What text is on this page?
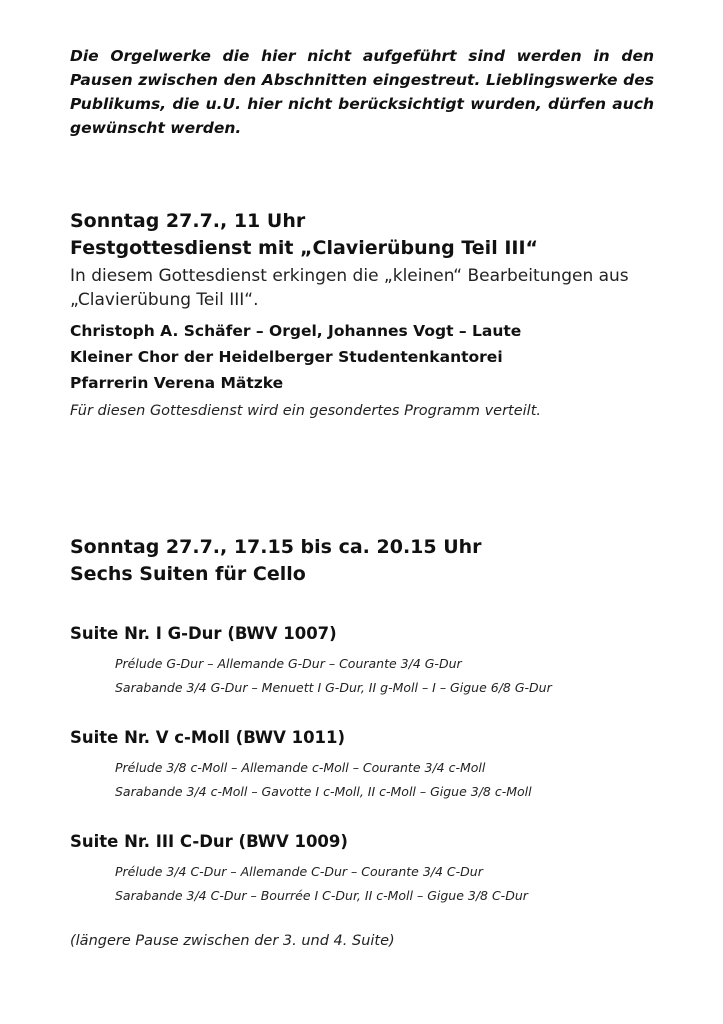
Die Orgelwerke die hier nicht aufgeführt sind werden in den Pausen zwischen den Abschnitten eingestreut. Lieblingswerke des Publikums, die u.U. hier nicht berücksichtigt wurden, dürfen auch gewünscht werden.

Sonntag 27.7., 11 Uhr

Festgottesdienst mit „Clavierübung Teil III“

In diesem Gottesdienst erkingen die „kleinen“ Bearbeitungen aus „Clavierübung Teil III“.

Christoph A. Schäfer – Orgel, Johannes Vogt – Laute

Kleiner Chor der Heidelberger Studentenkantorei

Pfarrerin Verena Mätzke

Für diesen Gottesdienst wird ein gesondertes Programm verteilt.

Sonntag 27.7., 17.15 bis ca. 20.15 Uhr

Sechs Suiten für Cello

Suite Nr. I G-Dur (BWV 1007)

Prélude G-Dur – Allemande G-Dur – Courante 3/4 G-Dur
Sarabande 3/4 G-Dur – Menuett I G-Dur, II g-Moll – I – Gigue 6/8 G-Dur

Suite Nr. V c-Moll (BWV 1011)

Prélude 3/8 c-Moll – Allemande c-Moll – Courante 3/4 c-Moll
Sarabande 3/4 c-Moll – Gavotte I c-Moll, II c-Moll – Gigue 3/8 c-Moll

Suite Nr. III C-Dur (BWV 1009)

Prélude 3/4 C-Dur – Allemande C-Dur – Courante 3/4 C-Dur
Sarabande 3/4 C-Dur – Bourrée I C-Dur, II c-Moll – Gigue 3/8 C-Dur
(längere Pause zwischen der 3. und 4. Suite)
